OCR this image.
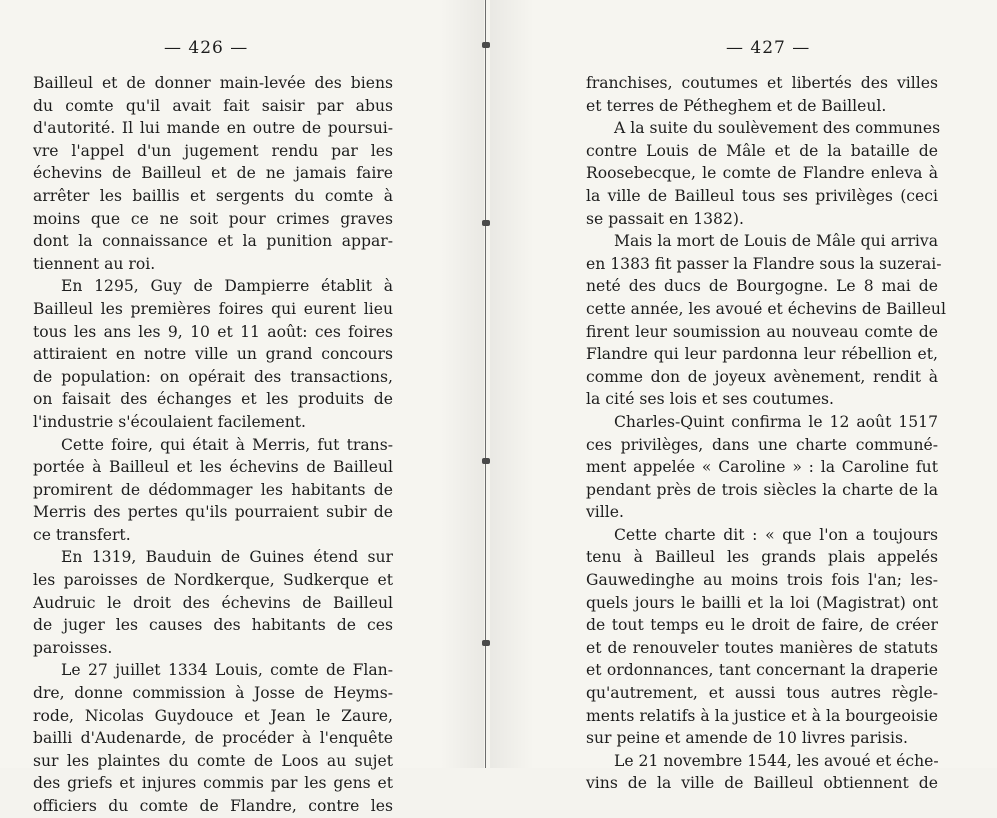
— 426 —
Bailleul et de donner main-levée des biens
du comte qu'il avait fait saisir par abus
d'autorité. Il lui mande en outre de poursui-
vre l'appel d'un jugement rendu par les
échevins de Bailleul et de ne jamais faire
arrêter les baillis et sergents du comte à
moins que ce ne soit pour crimes graves
dont la connaissance et la punition appar-
tiennent au roi.
En 1295, Guy de Dampierre établit à
Bailleul les premières foires qui eurent lieu
tous les ans les 9, 10 et 11 août: ces foires
attiraient en notre ville un grand concours
de population: on opérait des transactions,
on faisait des échanges et les produits de
l'industrie s'écoulaient facilement.
Cette foire, qui était à Merris, fut trans-
portée à Bailleul et les échevins de Bailleul
promirent de dédommager les habitants de
Merris des pertes qu'ils pourraient subir de
ce transfert.
En 1319, Bauduin de Guines étend sur
les paroisses de Nordkerque, Sudkerque et
Audruic le droit des échevins de Bailleul
de juger les causes des habitants de ces
paroisses.
Le 27 juillet 1334 Louis, comte de Flan-
dre, donne commission à Josse de Heyms-
rode, Nicolas Guydouce et Jean le Zaure,
bailli d'Audenarde, de procéder à l'enquête
sur les plaintes du comte de Loos au sujet
des griefs et injures commis par les gens et
officiers du comte de Flandre, contre les
— 427 —
franchises, coutumes et libertés des villes
et terres de Pétheghem et de Bailleul.
A la suite du soulèvement des communes
contre Louis de Mâle et de la bataille de
Roosebecque, le comte de Flandre enleva à
la ville de Bailleul tous ses privilèges (ceci
se passait en 1382).
Mais la mort de Louis de Mâle qui arriva
en 1383 fit passer la Flandre sous la suzerai-
neté des ducs de Bourgogne. Le 8 mai de
cette année, les avoué et échevins de Bailleul
firent leur soumission au nouveau comte de
Flandre qui leur pardonna leur rébellion et,
comme don de joyeux avènement, rendit à
la cité ses lois et ses coutumes.
Charles-Quint confirma le 12 août 1517
ces privilèges, dans une charte communé-
ment appelée « Caroline » : la Caroline fut
pendant près de trois siècles la charte de la
ville.
Cette charte dit : « que l'on a toujours
tenu à Bailleul les grands plais appelés
Gauwedinghe au moins trois fois l'an; les-
quels jours le bailli et la loi (Magistrat) ont
de tout temps eu le droit de faire, de créer
et de renouveler toutes manières de statuts
et ordonnances, tant concernant la draperie
qu'autrement, et aussi tous autres règle-
ments relatifs à la justice et à la bourgeoisie
sur peine et amende de 10 livres parisis.
Le 21 novembre 1544, les avoué et éche-
vins de la ville de Bailleul obtiennent de
